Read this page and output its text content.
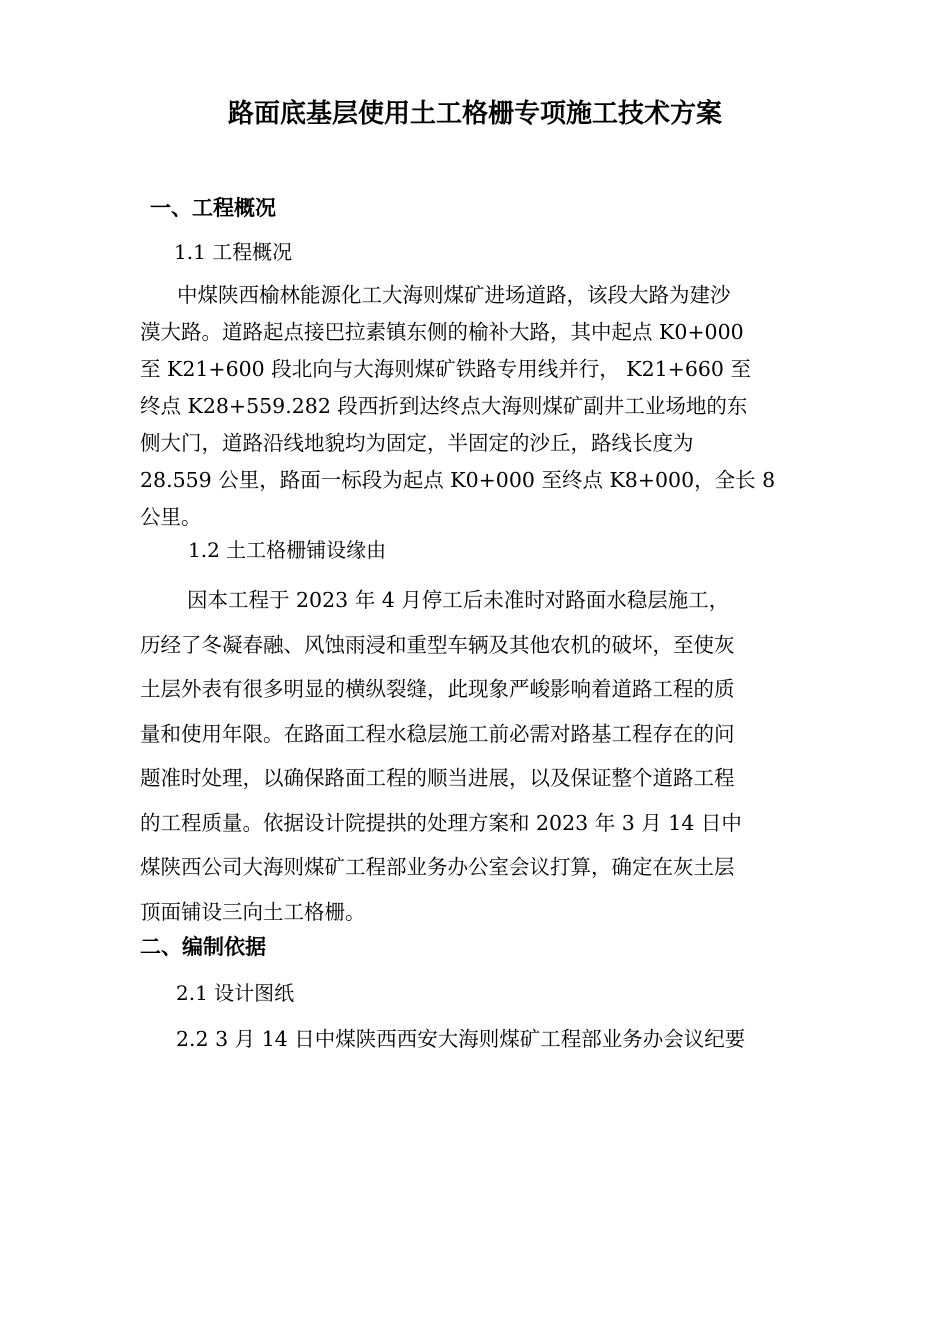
路面底基层使用土工格栅专项施工技术方案
一、工程概况
1.1 工程概况
中煤陕西榆林能源化工大海则煤矿进场道路，该段大路为建沙
漠大路。道路起点接巴拉素镇东侧的榆补大路，其中起点 K0+000
至 K21+600 段北向与大海则煤矿铁路专用线并行， K21+660 至
终点 K28+559.282 段西折到达终点大海则煤矿副井工业场地的东
侧大门，道路沿线地貌均为固定，半固定的沙丘，路线长度为
28.559 公里，路面一标段为起点 K0+000 至终点 K8+000，全长 8
公里。
1.2 土工格栅铺设缘由
因本工程于 2023 年 4 月停工后未准时对路面水稳层施工，
历经了冬凝春融、风蚀雨浸和重型车辆及其他农机的破坏，至使灰
土层外表有很多明显的横纵裂缝，此现象严峻影响着道路工程的质
量和使用年限。在路面工程水稳层施工前必需对路基工程存在的问
题准时处理，以确保路面工程的顺当进展，以及保证整个道路工程
的工程质量。依据设计院提拱的处理方案和 2023 年 3 月 14 日中
煤陕西公司大海则煤矿工程部业务办公室会议打算，确定在灰土层
顶面铺设三向土工格栅。
二、编制依据
2.1 设计图纸
2.2 3 月 14 日中煤陕西西安大海则煤矿工程部业务办会议纪要
